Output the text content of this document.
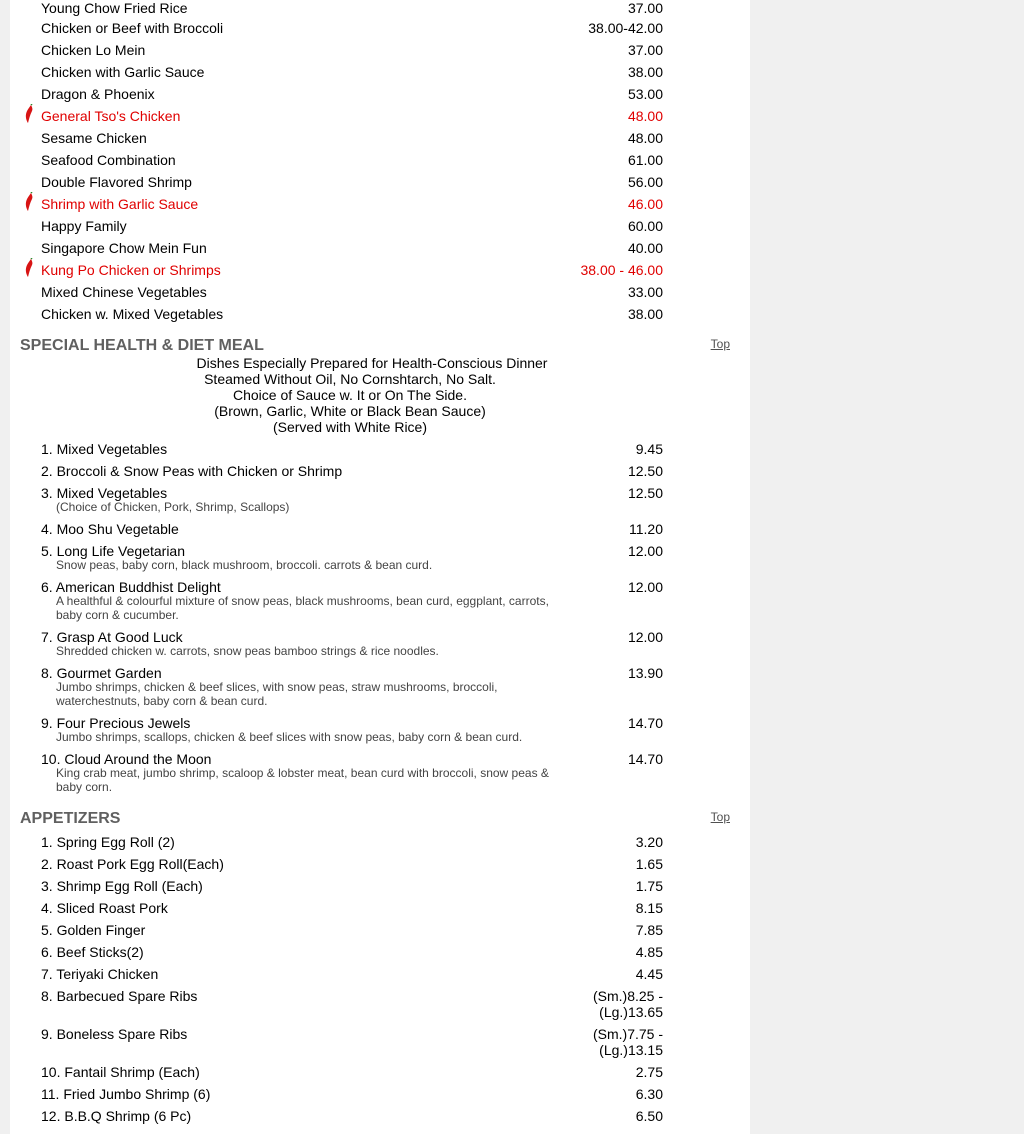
Young Chow Fried Rice	37.00
Chicken or Beef with Broccoli	38.00-42.00
Chicken Lo Mein	37.00
Chicken with Garlic Sauce	38.00
Dragon & Phoenix	53.00
General Tso's Chicken	48.00
Sesame Chicken	48.00
Seafood Combination	61.00
Double Flavored Shrimp	56.00
Shrimp with Garlic Sauce	46.00
Happy Family	60.00
Singapore Chow Mein Fun	40.00
Kung Po Chicken or Shrimps	38.00 - 46.00
Mixed Chinese Vegetables	33.00
Chicken w. Mixed Vegetables	38.00
SPECIAL HEALTH & DIET MEAL	Top
Dishes Especially Prepared for Health-Conscious Dinner
Steamed Without Oil, No Cornshtarch, No Salt.
Choice of Sauce w. It or On The Side.
(Brown, Garlic, White or Black Bean Sauce)
(Served with White Rice)
1. Mixed Vegetables	9.45
2. Broccoli & Snow Peas with Chicken or Shrimp	12.50
3. Mixed Vegetables	12.50
(Choice of Chicken, Pork, Shrimp, Scallops)
4. Moo Shu Vegetable	11.20
5. Long Life Vegetarian	12.00
Snow peas, baby corn, black mushroom, broccoli. carrots & bean curd.
6. American Buddhist Delight	12.00
A healthful & colourful mixture of snow peas, black mushrooms, bean curd, eggplant, carrots, baby corn & cucumber.
7. Grasp At Good Luck	12.00
Shredded chicken w. carrots, snow peas bamboo strings & rice noodles.
8. Gourmet Garden	13.90
Jumbo shrimps, chicken & beef slices, with snow peas, straw mushrooms, broccoli, waterchestnuts, baby corn & bean curd.
9. Four Precious Jewels	14.70
Jumbo shrimps, scallops, chicken & beef slices with snow peas, baby corn & bean curd.
10. Cloud Around the Moon	14.70
King crab meat, jumbo shrimp, scaloop & lobster meat, bean curd with broccoli, snow peas & baby corn.
APPETIZERS	Top
1. Spring Egg Roll (2)	3.20
2. Roast Pork Egg Roll(Each)	1.65
3. Shrimp Egg Roll (Each)	1.75
4. Sliced Roast Pork	8.15
5. Golden Finger	7.85
6. Beef Sticks(2)	4.85
7. Teriyaki Chicken	4.45
8. Barbecued Spare Ribs	(Sm.)8.25 -
(Lg.)13.65
9. Boneless Spare Ribs	(Sm.)7.75 -
(Lg.)13.15
10. Fantail Shrimp (Each)	2.75
11. Fried Jumbo Shrimp (6)	6.30
12. B.B.Q Shrimp (6 Pc)	6.50
